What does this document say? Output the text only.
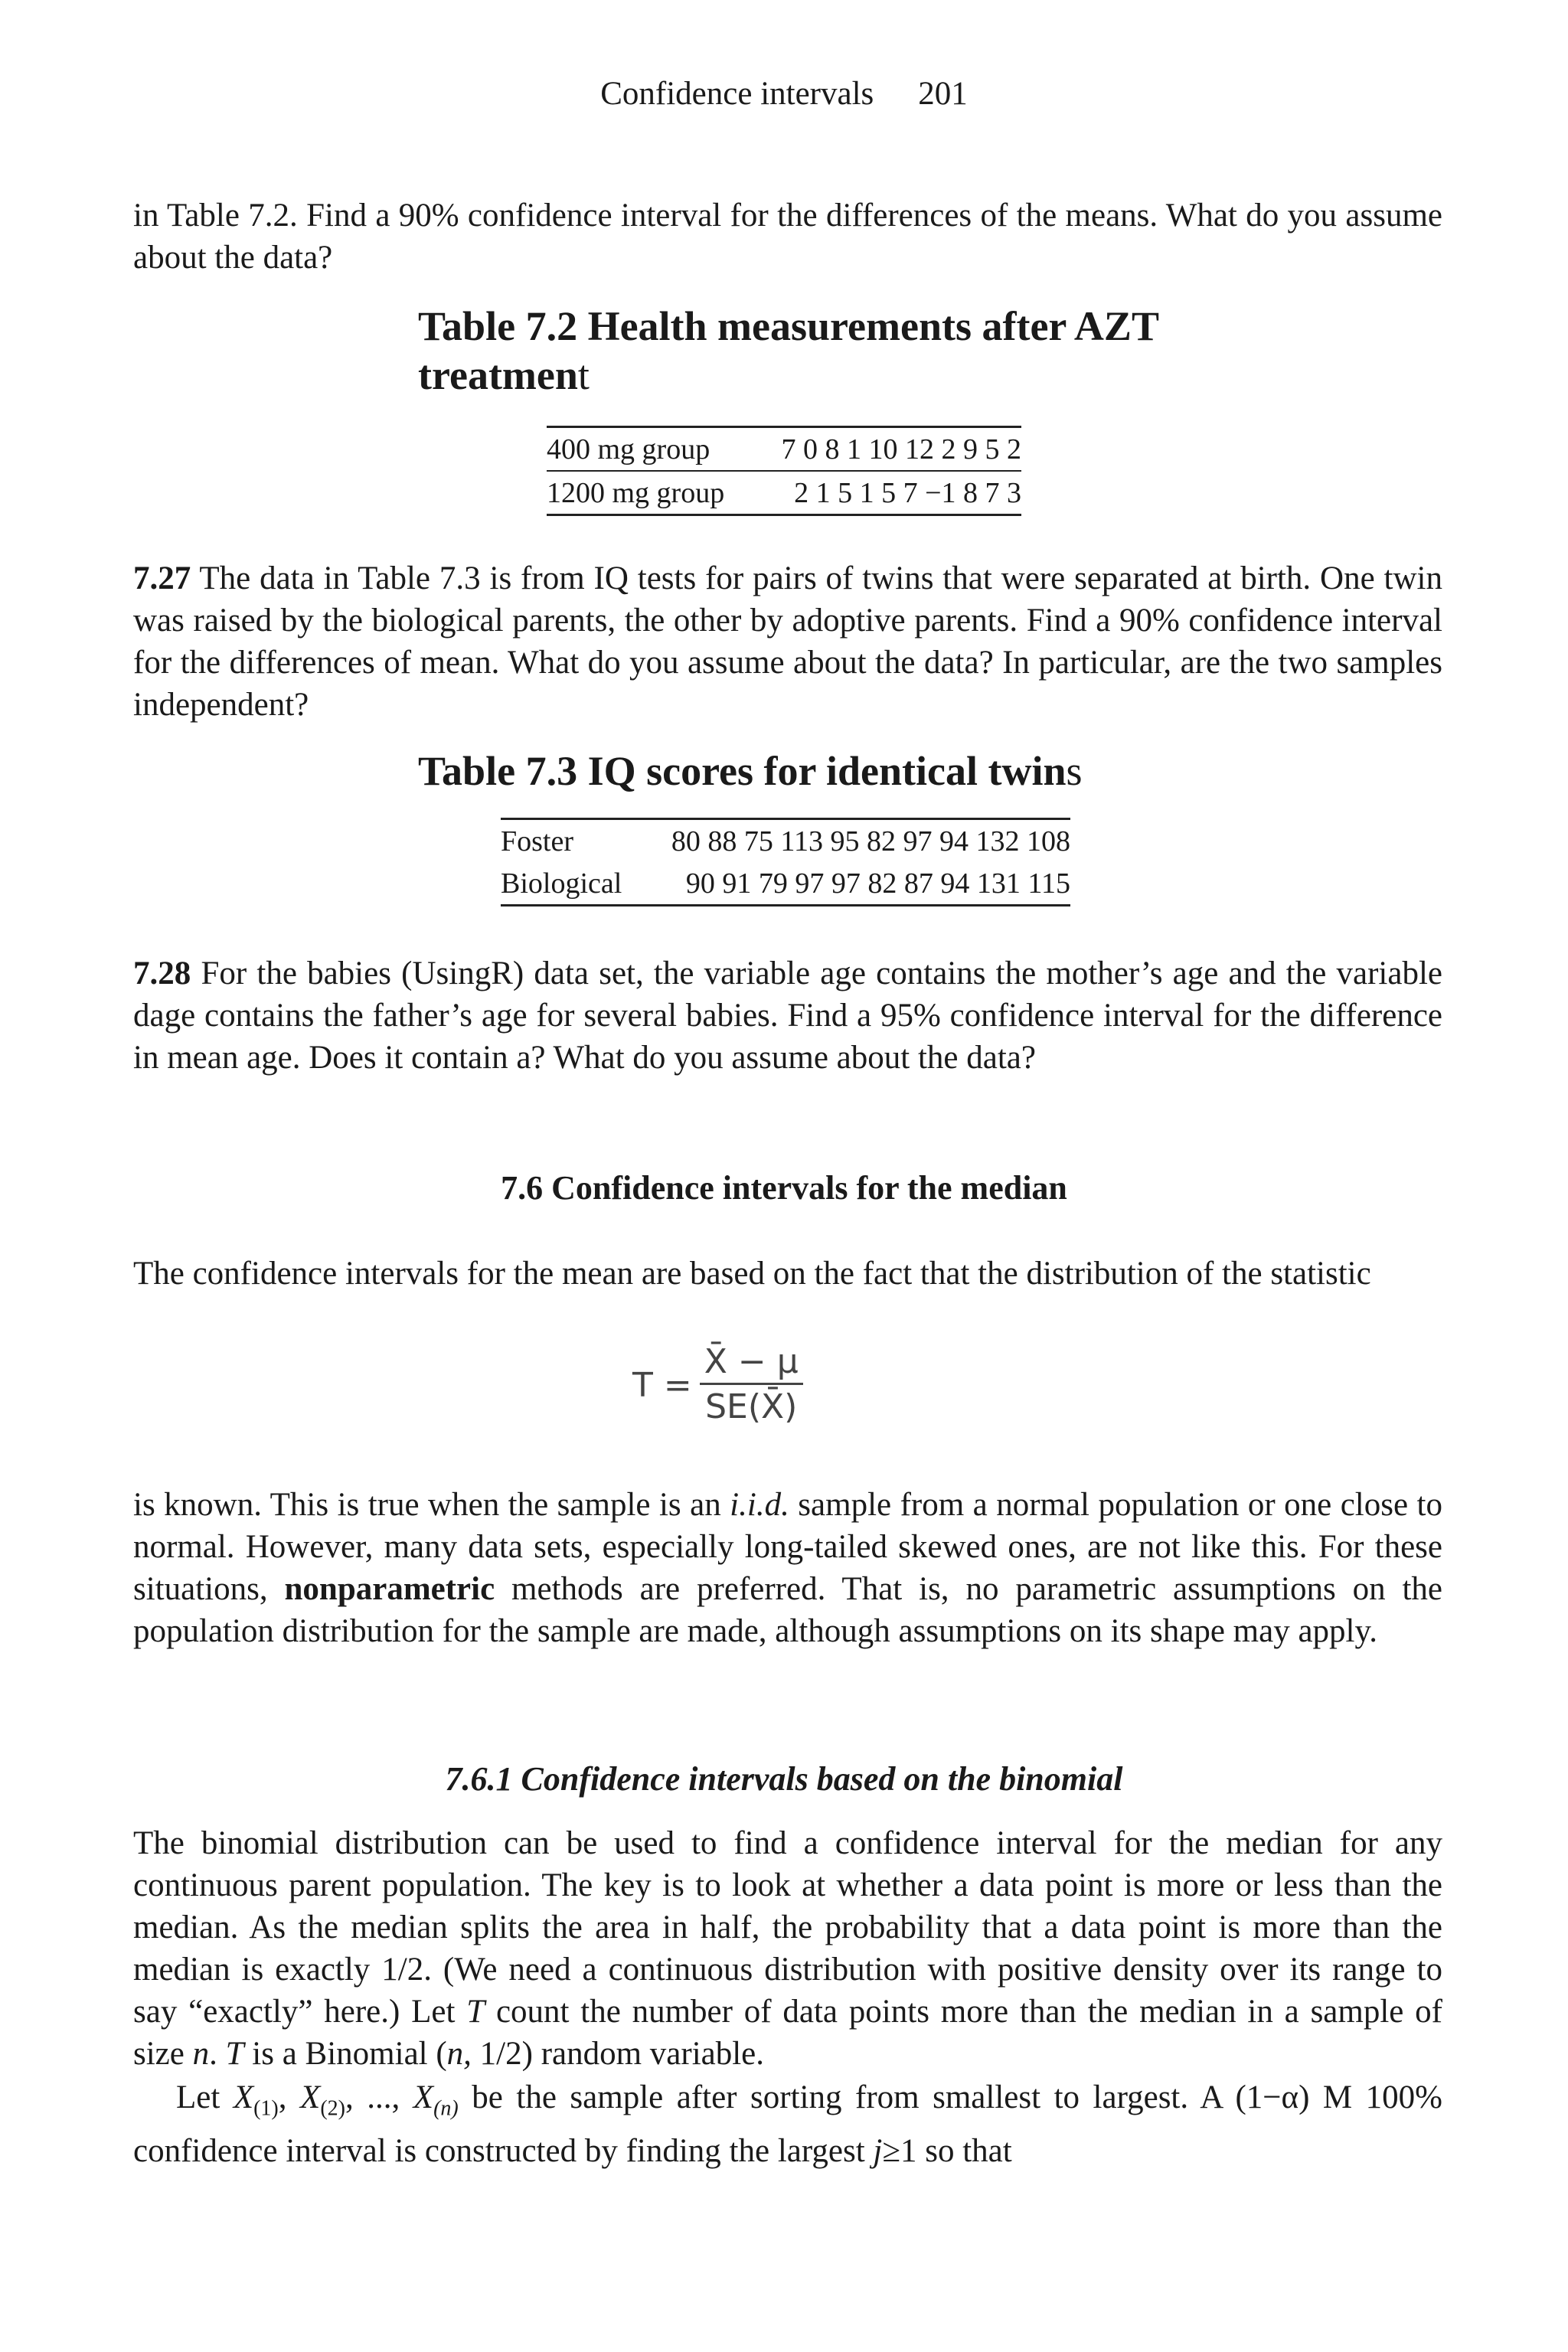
Confidence intervals 201

in Table 7.2. Find a 90% confidence interval for the differences of the means. What do you assume about the data?

Table 7.2 Health measurements after AZT treatment
400 mg group	7 0 8 1 10 12 2 9 5 2
1200 mg group	2 1 5 1 5 7 −1 8 7 3

7.27 The data in Table 7.3 is from IQ tests for pairs of twins that were separated at birth. One twin was raised by the biological parents, the other by adoptive parents. Find a 90% confidence interval for the differences of mean. What do you assume about the data? In particular, are the two samples independent?

Table 7.3 IQ scores for identical twins
Foster	80 88 75 113 95 82 97 94 132 108
Biological	90 91 79 97 97 82 87 94 131 115

7.28 For the babies (UsingR) data set, the variable age contains the mother’s age and the variable dage contains the father’s age for several babies. Find a 95% confidence interval for the difference in mean age. Does it contain a? What do you assume about the data?

7.6 Confidence intervals for the median

The confidence intervals for the mean are based on the fact that the distribution of the statistic

$T = \frac{X̄ - \mu}{SE(X̄)}$

is known. This is true when the sample is an i.i.d. sample from a normal population or one close to normal. However, many data sets, especially long-tailed skewed ones, are not like this. For these situations, nonparametric methods are preferred. That is, no parametric assumptions on the population distribution for the sample are made, although assumptions on its shape may apply.

7.6.1 Confidence intervals based on the binomial

The binomial distribution can be used to find a confidence interval for the median for any continuous parent population. The key is to look at whether a data point is more or less than the median. As the median splits the area in half, the probability that a data point is more than the median is exactly 1/2. (We need a continuous distribution with positive density over its range to say “exactly” here.) Let T count the number of data points more than the median in a sample of size n. T is a Binomial (n, 1/2) random variable.

Let $X_{(1)}$, $X_{(2)}$, ..., $X_{(n)}$ be the sample after sorting from smallest to largest. A (1−α) M 100% confidence interval is constructed by finding the largest j≥1 so that
